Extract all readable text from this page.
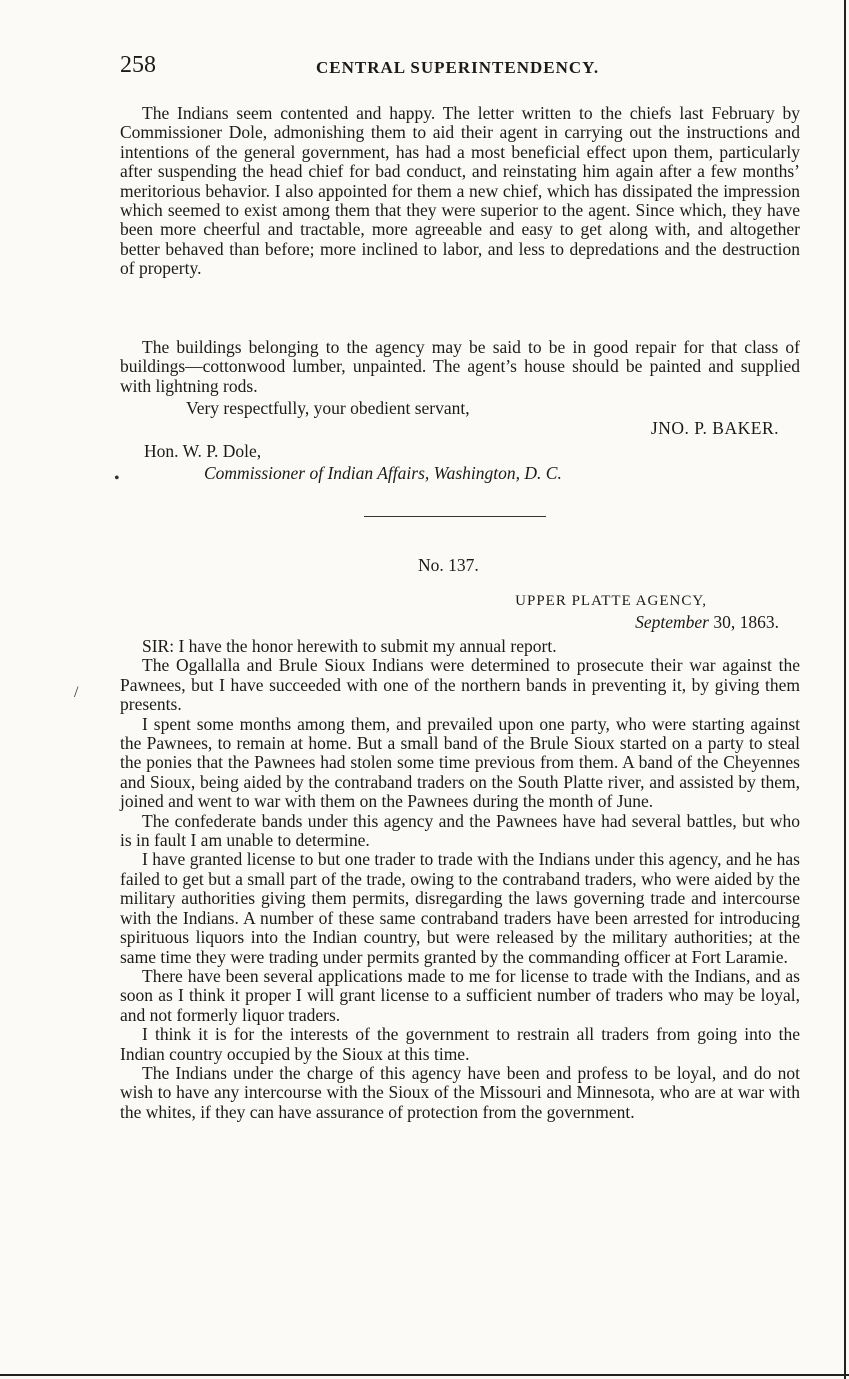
258	CENTRAL SUPERINTENDENCY.

The Indians seem contented and happy. The letter written to the chiefs last February by Commissioner Dole, admonishing them to aid their agent in carrying out the instructions and intentions of the general government, has had a most beneficial effect upon them, particularly after suspending the head chief for bad conduct, and reinstating him again after a few months’ meritorious behavior. I also appointed for them a new chief, which has dissipated the impression which seemed to exist among them that they were superior to the agent. Since which, they have been more cheerful and tractable, more agreeable and easy to get along with, and altogether better behaved than before; more inclined to labor, and less to depredations and the destruction of property.

The buildings belonging to the agency may be said to be in good repair for that class of buildings—cottonwood lumber, unpainted. The agent’s house should be painted and supplied with lightning rods.

Very respectfully, your obedient servant,
JNO. P. BAKER.
Hon. W. P. Dole,
Commissioner of Indian Affairs, Washington, D. C.
No. 137.
UPPER PLATTE AGENCY,
September 30, 1863.

SIR: I have the honor herewith to submit my annual report.

The Ogallalla and Brule Sioux Indians were determined to prosecute their war against the Pawnees, but I have succeeded with one of the northern bands in preventing it, by giving them presents.

I spent some months among them, and prevailed upon one party, who were starting against the Pawnees, to remain at home. But a small band of the Brule Sioux started on a party to steal the ponies that the Pawnees had stolen some time previous from them. A band of the Cheyennes and Sioux, being aided by the contraband traders on the South Platte river, and assisted by them, joined and went to war with them on the Pawnees during the month of June.

The confederate bands under this agency and the Pawnees have had several battles, but who is in fault I am unable to determine.

I have granted license to but one trader to trade with the Indians under this agency, and he has failed to get but a small part of the trade, owing to the contraband traders, who were aided by the military authorities giving them permits, disregarding the laws governing trade and intercourse with the Indians. A number of these same contraband traders have been arrested for introducing spirituous liquors into the Indian country, but were released by the military authorities; at the same time they were trading under permits granted by the commanding officer at Fort Laramie.

There have been several applications made to me for license to trade with the Indians, and as soon as I think it proper I will grant license to a sufficient number of traders who may be loyal, and not formerly liquor traders.

I think it is for the interests of the government to restrain all traders from going into the Indian country occupied by the Sioux at this time.

The Indians under the charge of this agency have been and profess to be loyal, and do not wish to have any intercourse with the Sioux of the Missouri and Minnesota, who are at war with the whites, if they can have assurance of protection from the government.

•
/
